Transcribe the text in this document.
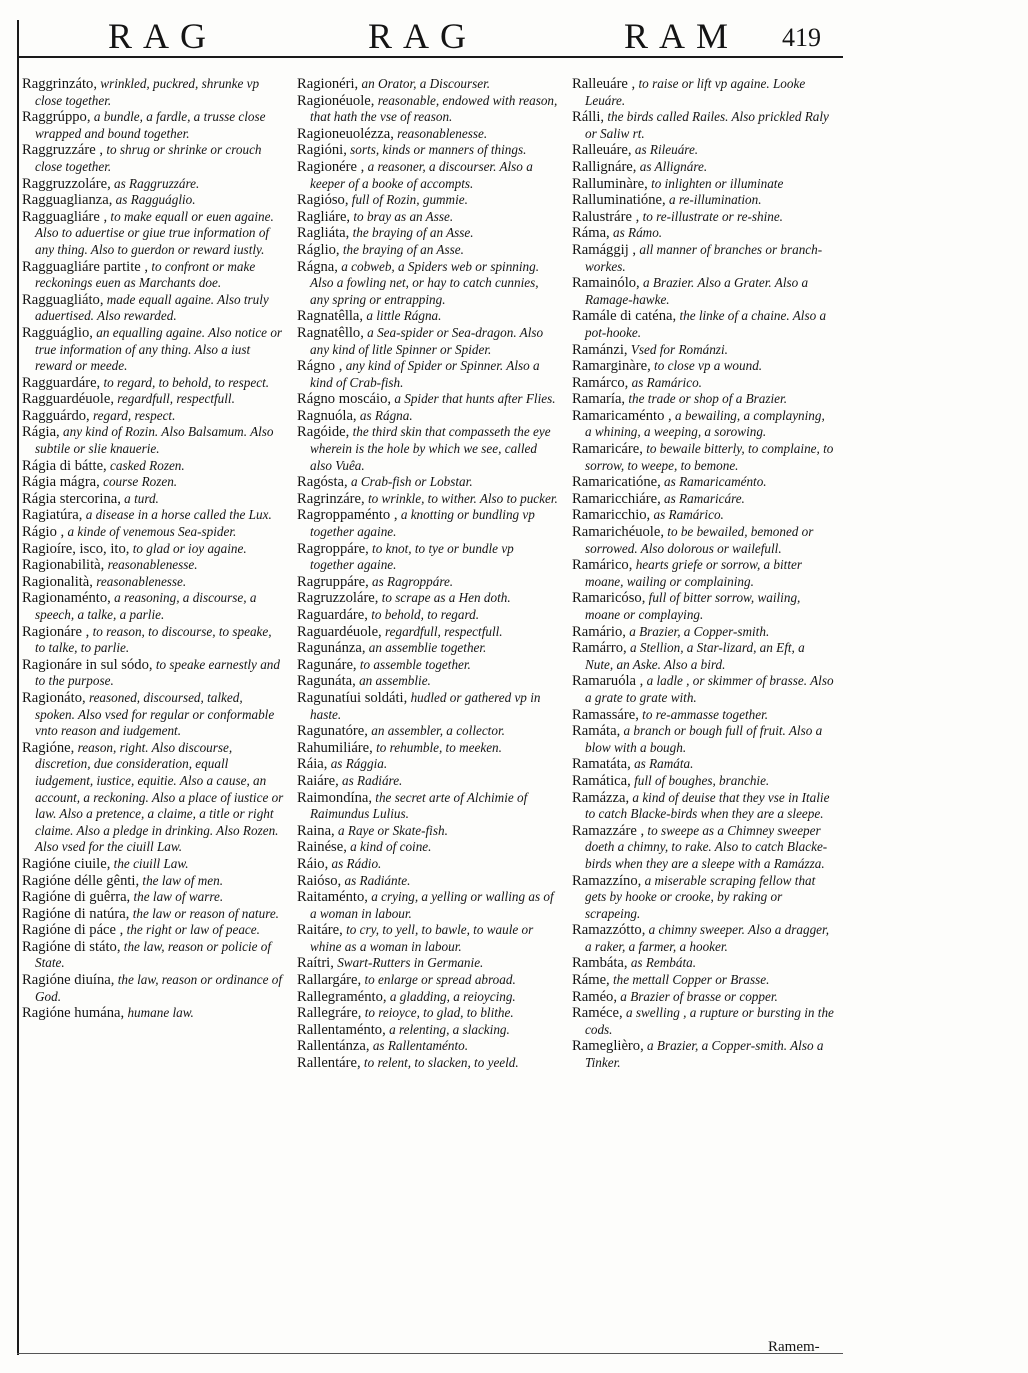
RAG	RAG	RAM 419

Raggrinzáto, wrinkled, puckred, shrunke vp close together.

Raggrúppo, a bundle, a fardle, a trusse close wrapped and bound together.

Raggruzzáre , to shrug or shrinke or crouch close together.

Raggruzzoláre, as Raggruzzáre.

Ragguaglianza, as Ragguáglio.

Ragguagliáre , to make equall or euen againe. Also to aduertise or giue true information of any thing. Also to guerdon or reward iustly.

Ragguagliáre partite , to confront or make reckonings euen as Marchants doe.

Ragguagliáto, made equall againe. Also truly aduertised. Also rewarded.

Ragguáglio, an equalling againe. Also notice or true information of any thing. Also a iust reward or meede.

Ragguardáre, to regard, to behold, to respect.

Ragguardéuole, regardfull, respectfull.

Ragguárdo, regard, respect.

Rágia, any kind of Rozin. Also Balsamum. Also subtile or slie knauerie.

Rágia di bátte, casked Rozen.

Rágia mágra, course Rozen.

Rágia stercorina, a turd.

Ragiatúra, a disease in a horse called the Lux.

Rágio , a kinde of venemous Sea-spider.

Ragioíre, isco, ito, to glad or ioy againe.

Ragionabilità, reasonablenesse.

Ragionalità, reasonablenesse.

Ragionaménto, a reasoning, a discourse, a speech, a talke, a parlie.

Ragionáre , to reason, to discourse, to speake, to talke, to parlie.

Ragionáre in sul sódo, to speake earnestly and to the purpose.

Ragionáto, reasoned, discoursed, talked, spoken. Also vsed for regular or conformable vnto reason and iudgement.

Ragióne, reason, right. Also discourse, discretion, due consideration, equall iudgement, iustice, equitie. Also a cause, an account, a reckoning. Also a place of iustice or law. Also a pretence, a claime, a title or right claime. Also a pledge in drinking. Also Rozen. Also vsed for the ciuill Law.

Ragióne ciuile, the ciuill Law.

Ragióne délle gênti, the law of men.

Ragióne di guêrra, the law of warre.

Ragióne di natúra, the law or reason of nature.

Ragióne di páce , the right or law of peace.

Ragióne di státo, the law, reason or policie of State.

Ragióne diuína, the law, reason or ordinance of God.

Ragióne humána, humane law.

Ragionéri, an Orator, a Discourser.

Ragionéuole, reasonable, endowed with reason, that hath the vse of reason.

Ragioneuolézza, reasonablenesse.

Ragióni, sorts, kinds or manners of things.

Ragionére , a reasoner, a discourser. Also a keeper of a booke of accompts.

Ragióso, full of Rozin, gummie.

Ragliáre, to bray as an Asse.

Ragliáta, the braying of an Asse.

Ráglio, the braying of an Asse.

Rágna, a cobweb, a Spiders web or spinning. Also a fowling net, or hay to catch cunnies, any spring or entrapping.

Ragnatêlla, a little Rágna.

Ragnatêllo, a Sea-spider or Sea-dragon. Also any kind of litle Spinner or Spider.

Rágno , any kind of Spider or Spinner. Also a kind of Crab-fish.

Rágno moscáio, a Spider that hunts after Flies.

Ragnuóla, as Rágna.

Ragóide, the third skin that compasseth the eye wherein is the hole by which we see, called also Vuêa.

Ragósta, a Crab-fish or Lobstar.

Ragrinzáre, to wrinkle, to wither. Also to pucker.

Ragroppaménto , a knotting or bundling vp together againe.

Ragroppáre, to knot, to tye or bundle vp together againe.

Ragruppáre, as Ragroppáre.

Ragruzzoláre, to scrape as a Hen doth.

Raguardáre, to behold, to regard.

Raguardéuole, regardfull, respectfull.

Ragunánza, an assemblie together.

Ragunáre, to assemble together.

Ragunáta, an assemblie.

Ragunatíui soldáti, hudled or gathered vp in haste.

Ragunatóre, an assembler, a collector.

Rahumiliáre, to rehumble, to meeken.

Ráia, as Rággia.

Raiáre, as Radiáre.

Raimondína, the secret arte of Alchimie of Raimundus Lulius.

Raina, a Raye or Skate-fish.

Rainése, a kind of coine.

Ráio, as Rádio.

Raióso, as Radiánte.

Raitaménto, a crying, a yelling or walling as of a woman in labour.

Raitáre, to cry, to yell, to bawle, to waule or whine as a woman in labour.

Raítri, Swart-Rutters in Germanie.

Rallargáre, to enlarge or spread abroad.

Rallegraménto, a gladding, a reioycing.

Rallegráre, to reioyce, to glad, to blithe.

Rallentaménto, a relenting, a slacking.

Rallentánza, as Rallentaménto.

Rallentáre, to relent, to slacken, to yeeld.

Ralleuáre , to raise or lift vp againe. Looke Leuáre.

Rálli, the birds called Railes. Also prickled Raly or Saliw rt.

Ralleuáre, as Rileuáre.

Rallignáre, as Allignáre.

Ralluminàre, to inlighten or illuminate

Ralluminatióne, a re-illumination.

Ralustráre , to re-illustrate or re-shine.

Ráma, as Rámo.

Ramággij , all manner of branches or branch-workes.

Ramainólo, a Brazier. Also a Grater. Also a Ramage-hawke.

Ramále di caténa, the linke of a chaine. Also a pot-hooke.

Ramánzi, Vsed for Románzi.

Ramarginàre, to close vp a wound.

Ramárco, as Ramárico.

Ramaría, the trade or shop of a Brazier.

Ramaricaménto , a bewailing, a complayning, a whining, a weeping, a sorowing.

Ramaricáre, to bewaile bitterly, to complaine, to sorrow, to weepe, to bemone.

Ramaricatióne, as Ramaricaménto.

Ramaricchiáre, as Ramaricáre.

Ramaricchio, as Ramárico.

Ramarichéuole, to be bewailed, bemoned or sorrowed. Also dolorous or wailefull.

Ramárico, hearts griefe or sorrow, a bitter moane, wailing or complaining.

Ramaricóso, full of bitter sorrow, wailing, moane or complaying.

Ramário, a Brazier, a Copper-smith.

Ramárro, a Stellion, a Star-lizard, an Eft, a Nute, an Aske. Also a bird.

Ramaruóla , a ladle , or skimmer of brasse. Also a grate to grate with.

Ramassáre, to re-ammasse together.

Ramáta, a branch or bough full of fruit. Also a blow with a bough.

Ramatáta, as Ramáta.

Ramática, full of boughes, branchie.

Ramázza, a kind of deuise that they vse in Italie to catch Blacke-birds when they are a sleepe.

Ramazzáre , to sweepe as a Chimney sweeper doeth a chimny, to rake. Also to catch Blacke-birds when they are a sleepe with a Ramázza.

Ramazzíno, a miserable scraping fellow that gets by hooke or crooke, by raking or scrapeing.

Ramazzótto, a chimny sweeper. Also a dragger, a raker, a farmer, a hooker.

Rambáta, as Rembáta.

Ráme, the mettall Copper or Brasse.

Raméo, a Brazier of brasse or copper.

Raméce, a swelling , a rupture or bursting in the cods.

Rameglièro, a Brazier, a Copper-smith. Also a Tinker.

Ramem-
